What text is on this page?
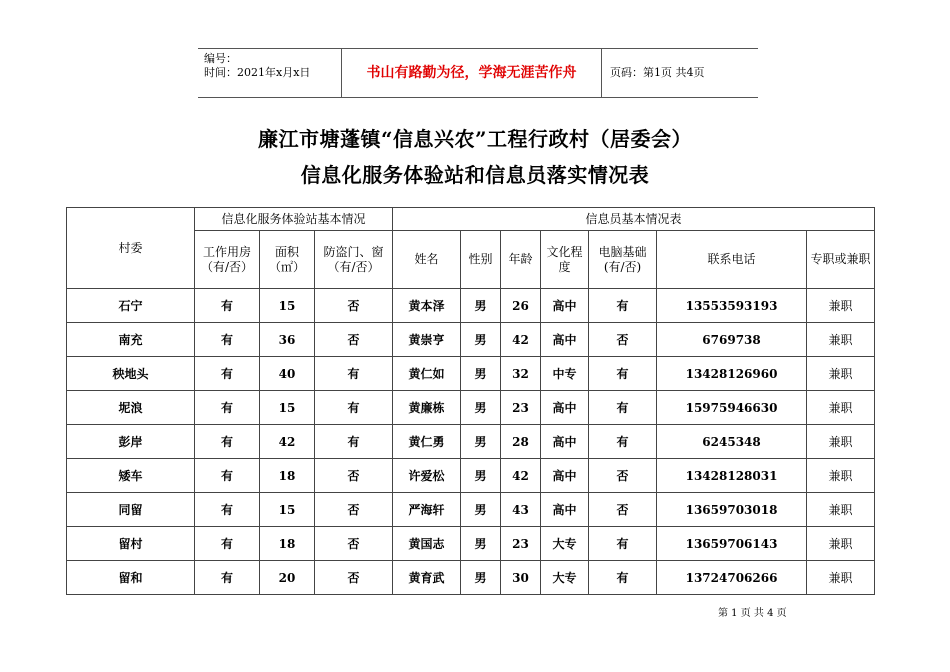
编号：
时间：2021年x月x日	书山有路勤为径，学海无涯苦作舟	页码：第1页 共4页
廉江市塘蓬镇“信息兴农”工程行政村（居委会）
信息化服务体验站和信息员落实情况表
村委	信息化服务体验站基本情况			信息员基本情况表						
	工作用房（有/否）	面积（㎡）	防盗门、窗（有/否）	姓名	性别	年龄	文化程度	电脑基础(有/否)	联系电话	专职或兼职
石宁	有	15	否	黄本泽	男	26	高中	有	13553593193	兼职
南充	有	36	否	黄崇亨	男	42	高中	否	6769738	兼职
秧地头	有	40	有	黄仁如	男	32	中专	有	13428126960	兼职
坭浪	有	15	有	黄廉栋	男	23	高中	有	15975946630	兼职
彭岸	有	42	有	黄仁勇	男	28	高中	有	6245348	兼职
矮车	有	18	否	许爱松	男	42	高中	否	13428128031	兼职
同留	有	15	否	严海轩	男	43	高中	否	13659703018	兼职
留村	有	18	否	黄国志	男	23	大专	有	13659706143	兼职
留和	有	20	否	黄育武	男	30	大专	有	13724706266	兼职
第 1 页 共 4 页
